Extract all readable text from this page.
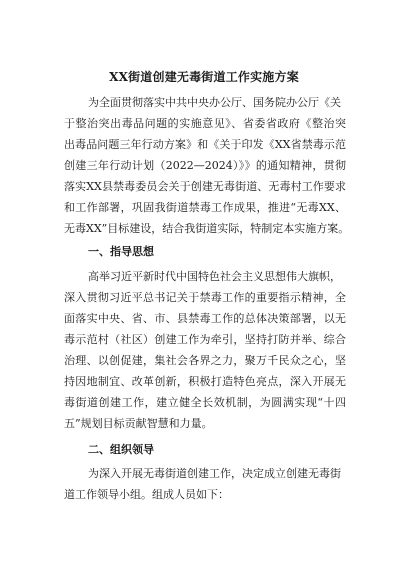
XX街道创建无毒街道工作实施方案
为全面贯彻落实中共中央办公厅、国务院办公厅《关
于整治突出毒品问题的实施意见》、省委省政府《整治突
出毒品问题三年行动方案》和《关于印发《XX省禁毒示范
创建三年行动计划（2022—2024）》》的通知精神，贯彻
落实XX县禁毒委员会关于创建无毒街道、无毒村工作要求
和工作部署，巩固我街道禁毒工作成果，推进“无毒XX、
无毒XX”目标建设，结合我街道实际，特制定本实施方案。
一、指导思想
高举习近平新时代中国特色社会主义思想伟大旗帜，
深入贯彻习近平总书记关于禁毒工作的重要指示精神，全
面落实中央、省、市、县禁毒工作的总体决策部署，以无
毒示范村（社区）创建工作为牵引，坚持打防并举、综合
治理、以创促建，集社会各界之力，聚万千民众之心，坚
持因地制宜、改革创新，积极打造特色亮点，深入开展无
毒街道创建工作，建立健全长效机制，为圆满实现“十四
五”规划目标贡献智慧和力量。
二、组织领导
为深入开展无毒街道创建工作，决定成立创建无毒街
道工作领导小组。组成人员如下：
